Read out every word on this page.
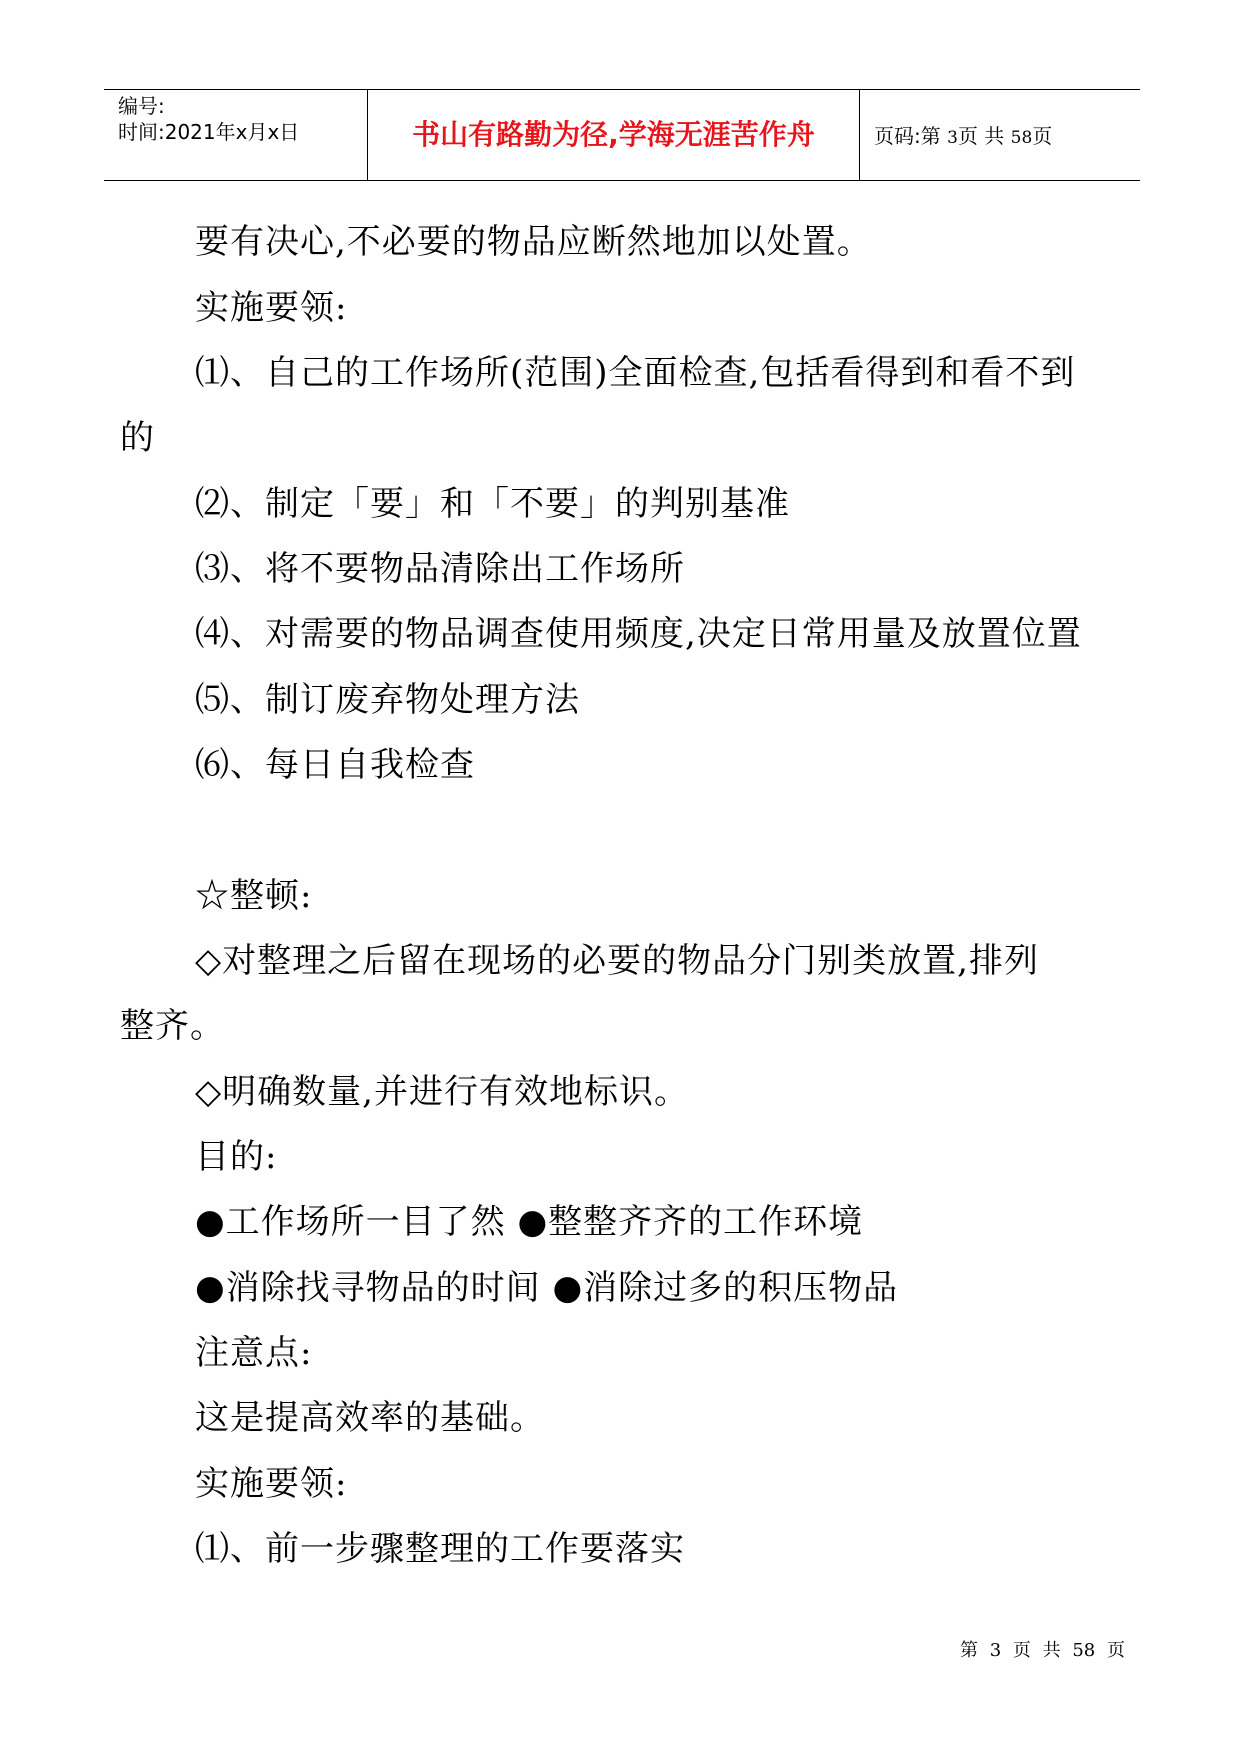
编号:
时间:2021年x月x日	书山有路勤为径,学海无涯苦作舟	页码:第 3页 共 58页
要有决心,不必要的物品应断然地加以处置。
实施要领:
⑴、自己的工作场所(范围)全面检查,包括看得到和看不到
的
⑵、制定「要」和「不要」的判别基准
⑶、将不要物品清除出工作场所
⑷、对需要的物品调查使用频度,决定日常用量及放置位置
⑸、制订废弃物处理方法
⑹、每日自我检查
☆整顿:
◇对整理之后留在现场的必要的物品分门别类放置,排列
整齐。
◇明确数量,并进行有效地标识。
目的:
●工作场所一目了然 ●整整齐齐的工作环境
●消除找寻物品的时间 ●消除过多的积压物品
注意点:
这是提高效率的基础。
实施要领:
⑴、前一步骤整理的工作要落实
第 3 页 共 58 页
